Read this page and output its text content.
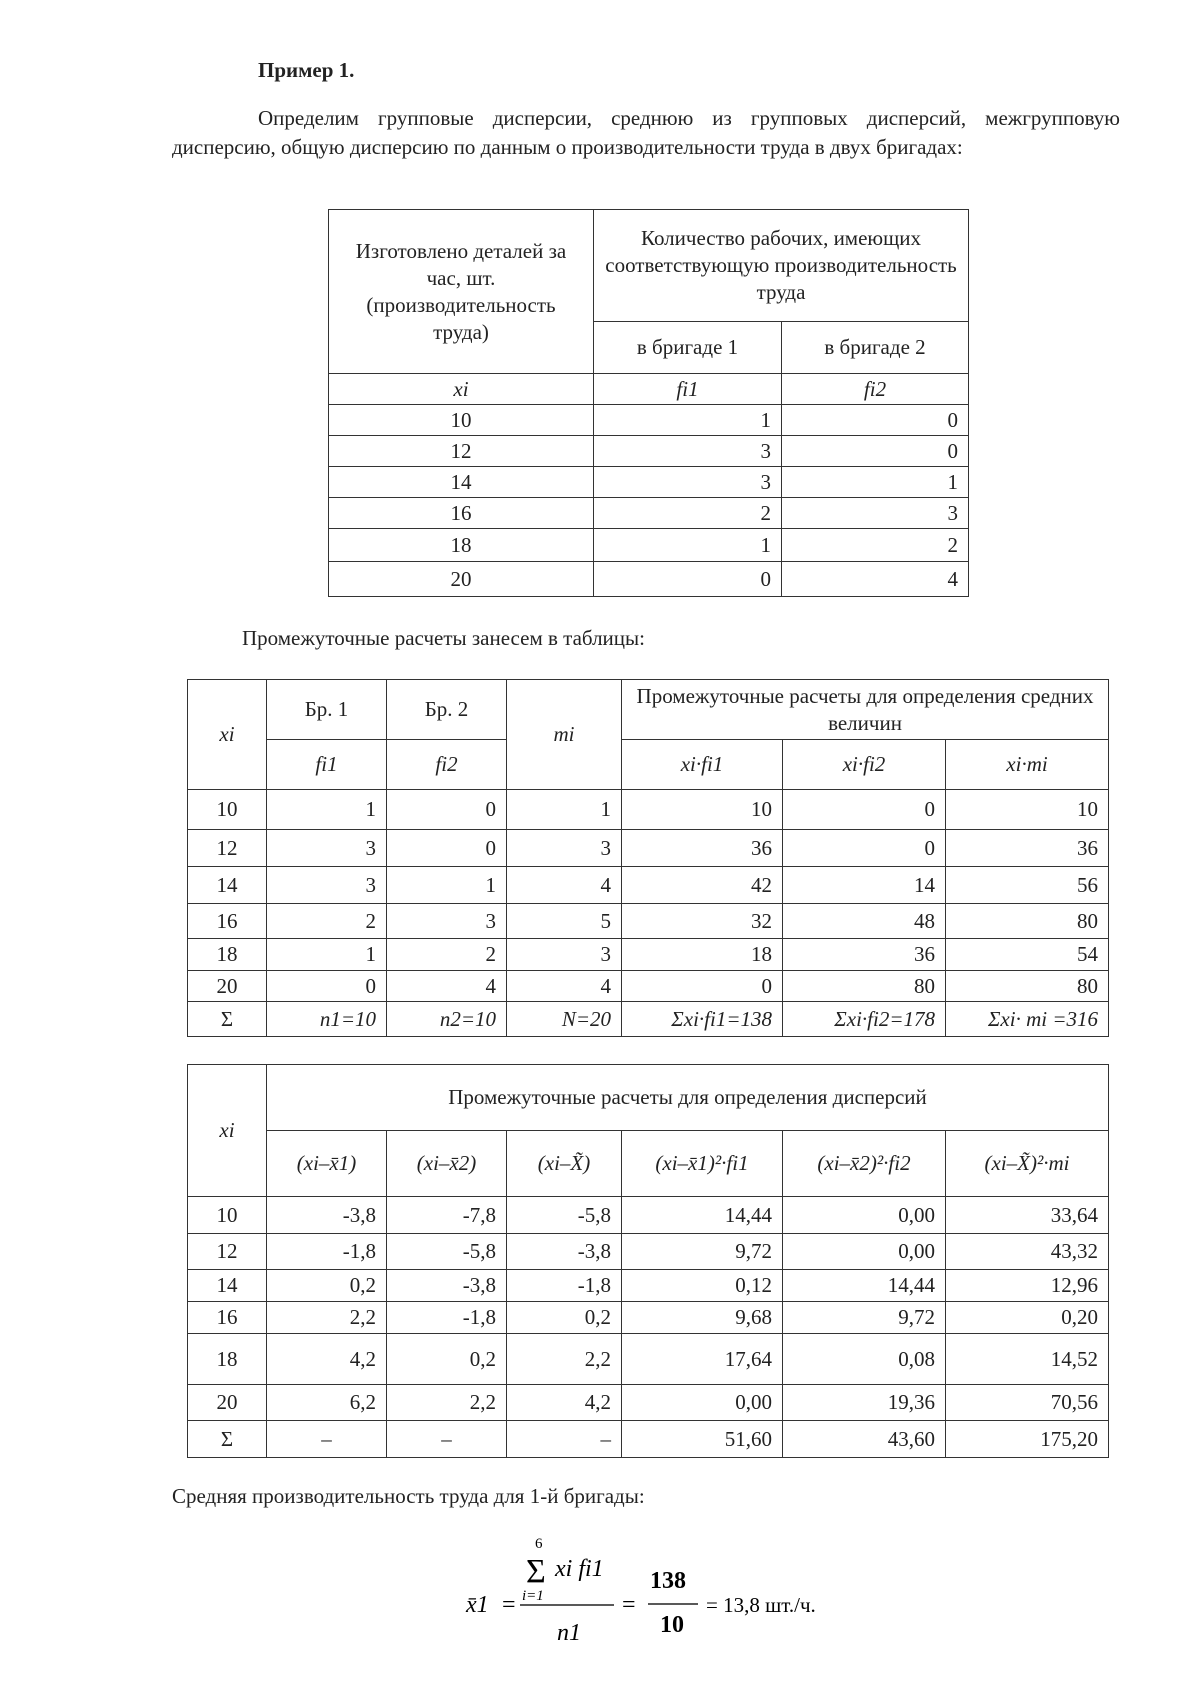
Пример 1.
Определим групповые дисперсии, среднюю из групповых дисперсий, межгрупповую дисперсию, общую дисперсию по данным о производительности труда в двух бригадах:
Изготовлено деталей за час, шт. (производительность труда)	Количество рабочих, имеющих соответствующую производительность труда	
	в бригаде 1	в бригаде 2
xi	fi1	fi2
10	1	0
12	3	0
14	3	1
16	2	3
18	1	2
20	0	4
Промежуточные расчеты занесем в таблицы:
xi	Бр. 1	Бр. 2	mi	Промежуточные расчеты для определения средних величин		
	fi1	fi2		xi·fi1	xi·fi2	xi·mi
10	1	0	1	10	0	10
12	3	0	3	36	0	36
14	3	1	4	42	14	56
16	2	3	5	32	48	80
18	1	2	3	18	36	54
20	0	4	4	0	80	80
Σ	n1=10	n2=10	N=20	Σxi·fi1=138	Σxi·fi2=178	Σxi· mi =316
xi	Промежуточные расчеты для определения дисперсий					
	(xi–x̄1)	(xi–x̄2)	(xi–X̃)	(xi–x̄1)²·fi1	(xi–x̄2)²·fi2	(xi–X̃)²·mi
10	-3,8	-7,8	-5,8	14,44	0,00	33,64
12	-1,8	-5,8	-3,8	9,72	0,00	43,32
14	0,2	-3,8	-1,8	0,12	14,44	12,96
16	2,2	-1,8	0,2	9,68	9,72	0,20
18	4,2	0,2	2,2	17,64	0,08	14,52
20	6,2	2,2	4,2	0,00	19,36	70,56
Σ	–	–	–	51,60	43,60	175,20
Средняя производительность труда для 1-й бригады:
x̄1 =
6
Σ xi fi1
i=1
n1
=
138
10
= 13,8 шт./ч.
